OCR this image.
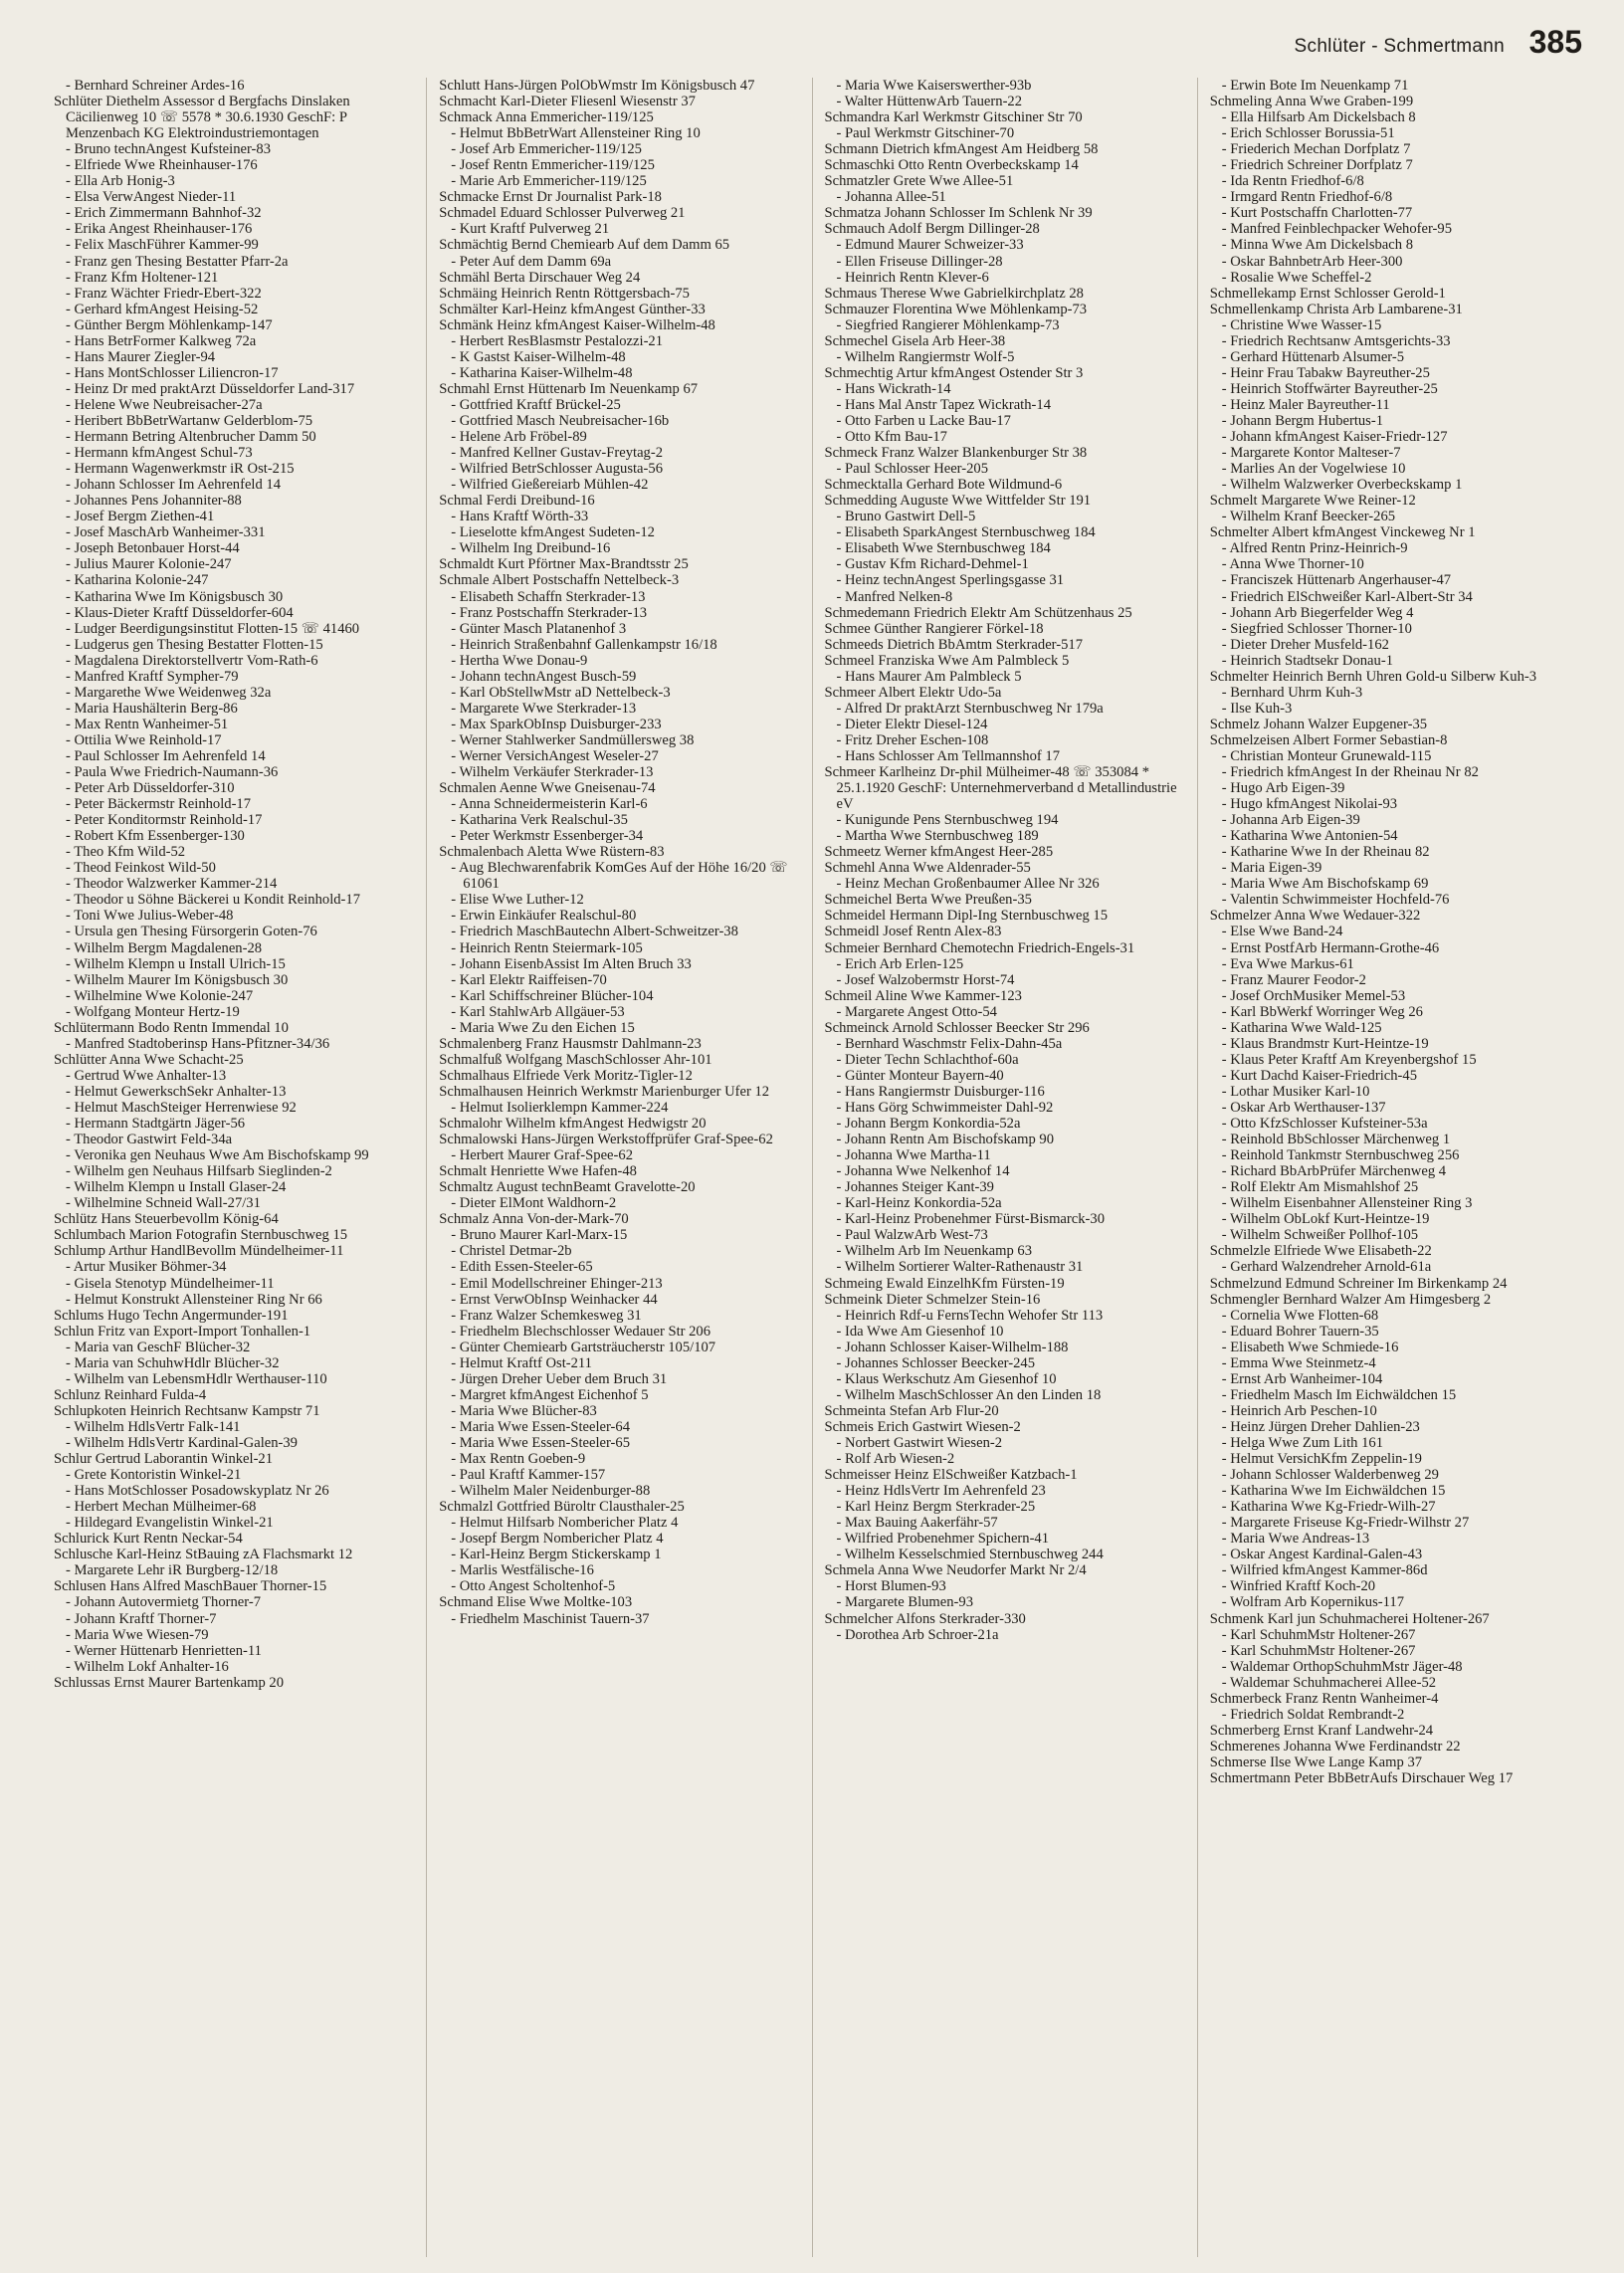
Schlüter - Schmertmann 385
- Bernhard Schreiner Ardes-16
Schlüter Diethelm Assessor d Bergfachs Dinslaken Cäcilienweg 10 ☏ 5578 * 30.6.1930 GeschF: P Menzenbach KG Elektroindustriemontagen
- Bruno technAngest Kufsteiner-83
- Elfriede Wwe Rheinhauser-176
- Ella Arb Honig-3
- Elsa VerwAngest Nieder-11
- Erich Zimmermann Bahnhof-32
- Erika Angest Rheinhauser-176
- Felix MaschFührer Kammer-99
- Franz gen Thesing Bestatter Pfarr-2a
- Franz Kfm Holtener-121
- Franz Wächter Friedr-Ebert-322
- Gerhard kfmAngest Heising-52
- Günther Bergm Möhlenkamp-147
- Hans BetrFormer Kalkweg 72a
- Hans Maurer Ziegler-94
- Hans MontSchlosser Liliencron-17
- Heinz Dr med praktArzt Düsseldorfer Land-317
- Helene Wwe Neubreisacher-27a
- Heribert BbBetrWartanw Gelderblom-75
- Hermann Betring Altenbrucher Damm 50
- Hermann kfmAngest Schul-73
- Hermann Wagenwerkmstr iR Ost-215
- Johann Schlosser Im Aehrenfeld 14
- Johannes Pens Johanniter-88
- Josef Bergm Ziethen-41
- Josef MaschArb Wanheimer-331
- Joseph Betonbauer Horst-44
- Julius Maurer Kolonie-247
- Katharina Kolonie-247
- Katharina Wwe Im Königsbusch 30
- Klaus-Dieter Kraftf Düsseldorfer-604
- Ludger Beerdigungsinstitut Flotten-15 ☏ 41460
- Ludgerus gen Thesing Bestatter Flotten-15
- Magdalena Direktorstellvertr Vom-Rath-6
- Manfred Kraftf Sympher-79
- Margarethe Wwe Weidenweg 32a
- Maria Haushälterin Berg-86
- Max Rentn Wanheimer-51
- Ottilia Wwe Reinhold-17
- Paul Schlosser Im Aehrenfeld 14
- Paula Wwe Friedrich-Naumann-36
- Peter Arb Düsseldorfer-310
- Peter Bäckermstr Reinhold-17
- Peter Konditormstr Reinhold-17
- Robert Kfm Essenberger-130
- Theo Kfm Wild-52
- Theod Feinkost Wild-50
- Theodor Walzwerker Kammer-214
- Theodor u Söhne Bäckerei u Kondit Reinhold-17
- Toni Wwe Julius-Weber-48
- Ursula gen Thesing Fürsorgerin Goten-76
- Wilhelm Bergm Magdalenen-28
- Wilhelm Klempn u Install Ulrich-15
- Wilhelm Maurer Im Königsbusch 30
- Wilhelmine Wwe Kolonie-247
- Wolfgang Monteur Hertz-19
Schlütermann Bodo Rentn Immendal 10
- Manfred Stadtoberinsp Hans-Pfitzner-34/36
Schlütter Anna Wwe Schacht-25
- Gertrud Wwe Anhalter-13
- Helmut GewerkschSekr Anhalter-13
- Helmut MaschSteiger Herrenwiese 92
- Hermann Stadtgärtn Jäger-56
- Theodor Gastwirt Feld-34a
- Veronika gen Neuhaus Wwe Am Bischofskamp 99
- Wilhelm gen Neuhaus Hilfsarb Sieglinden-2
- Wilhelm Klempn u Install Glaser-24
- Wilhelmine Schneid Wall-27/31
Schlütz Hans Steuerbevollm König-64
Schlumbach Marion Fotografin Sternbuschweg 15
Schlump Arthur HandlBevollm Mündelheimer-11
- Artur Musiker Böhmer-34
- Gisela Stenotyp Mündelheimer-11
- Helmut Konstrukt Allensteiner Ring Nr 66
Schlums Hugo Techn Angermunder-191
Schlun Fritz van Export-Import Tonhallen-1
- Maria van GeschF Blücher-32
- Maria van SchuhwHdlr Blücher-32
- Wilhelm van LebensmHdlr Werthauser-110
Schlunz Reinhard Fulda-4
Schlupkoten Heinrich Rechtsanw Kampstr 71
- Wilhelm HdlsVertr Falk-141
- Wilhelm HdlsVertr Kardinal-Galen-39
Schlur Gertrud Laborantin Winkel-21
- Grete Kontoristin Winkel-21
- Hans MotSchlosser Posadowskyplatz Nr 26
- Herbert Mechan Mülheimer-68
- Hildegard Evangelistin Winkel-21
Schlurick Kurt Rentn Neckar-54
Schlusche Karl-Heinz StBauing zA Flachsmarkt 12
- Margarete Lehr iR Burgberg-12/18
Schlusen Hans Alfred MaschBauer Thorner-15
- Johann Autovermietg Thorner-7
- Johann Kraftf Thorner-7
- Maria Wwe Wiesen-79
- Werner Hüttenarb Henrietten-11
- Wilhelm Lokf Anhalter-16
Schlussas Ernst Maurer Bartenkamp 20
Schlutt Hans-Jürgen PolObWmstr Im Königsbusch 47
Schmacht Karl-Dieter Fliesenl Wiesenstr 37
Schmack Anna Emmericher-119/125
- Helmut BbBetrWart Allensteiner Ring 10
- Josef Arb Emmericher-119/125
- Josef Rentn Emmericher-119/125
- Marie Arb Emmericher-119/125
Schmacke Ernst Dr Journalist Park-18
Schmadel Eduard Schlosser Pulverweg 21
- Kurt Kraftf Pulverweg 21
Schmächtig Bernd Chemiearb Auf dem Damm 65
- Peter Auf dem Damm 69a
Schmähl Berta Dirschauer Weg 24
Schmäing Heinrich Rentn Röttgersbach-75
Schmälter Karl-Heinz kfmAngest Günther-33
Schmänk Heinz kfmAngest Kaiser-Wilhelm-48
- Herbert ResBlasmstr Pestalozzi-21
- K Gastst Kaiser-Wilhelm-48
- Katharina Kaiser-Wilhelm-48
Schmahl Ernst Hüttenarb Im Neuenkamp 67
- Gottfried Kraftf Brückel-25
- Gottfried Masch Neubreisacher-16b
- Helene Arb Fröbel-89
- Manfred Kellner Gustav-Freytag-2
- Wilfried BetrSchlosser Augusta-56
- Wilfried Gießereiarb Mühlen-42
Schmal Ferdi Dreibund-16
- Hans Kraftf Wörth-33
- Lieselotte kfmAngest Sudeten-12
- Wilhelm Ing Dreibund-16
Schmaldt Kurt Pförtner Max-Brandtsstr 25
Schmale Albert Postschaffn Nettelbeck-3
- Elisabeth Schaffn Sterkrader-13
- Franz Postschaffn Sterkrader-13
- Günter Masch Platanenhof 3
- Heinrich Straßenbahnf Gallenkampstr 16/18
- Hertha Wwe Donau-9
- Johann technAngest Busch-59
- Karl ObStellwMstr aD Nettelbeck-3
- Margarete Wwe Sterkrader-13
- Max SparkObInsp Duisburger-233
- Werner Stahlwerker Sandmüllersweg 38
- Werner VersichAngest Weseler-27
- Wilhelm Verkäufer Sterkrader-13
Schmalen Aenne Wwe Gneisenau-74
- Anna Schneidermeisterin Karl-6
- Katharina Verk Realschul-35
- Peter Werkmstr Essenberger-34
Schmalenbach Aletta Wwe Rüstern-83
- Aug Blechwarenfabrik KomGes Auf der Höhe 16/20 ☏ 61061
- Elise Wwe Luther-12
- Erwin Einkäufer Realschul-80
- Friedrich MaschBautechn Albert-Schweitzer-38
- Heinrich Rentn Steiermark-105
- Johann EisenbAssist Im Alten Bruch 33
- Karl Elektr Raiffeisen-70
- Karl Schiffschreiner Blücher-104
- Karl StahlwArb Allgäuer-53
- Maria Wwe Zu den Eichen 15
Schmalenberg Franz Hausmstr Dahlmann-23
Schmalfuß Wolfgang MaschSchlosser Ahr-101
Schmalhaus Elfriede Verk Moritz-Tigler-12
Schmalhausen Heinrich Werkmstr Marienburger Ufer 12
- Helmut Isolierklempn Kammer-224
Schmalohr Wilhelm kfmAngest Hedwigstr 20
Schmalowski Hans-Jürgen Werkstoffprüfer Graf-Spee-62
- Herbert Maurer Graf-Spee-62
Schmalt Henriette Wwe Hafen-48
Schmaltz August technBeamt Gravelotte-20
- Dieter ElMont Waldhorn-2
Schmalz Anna Von-der-Mark-70
- Bruno Maurer Karl-Marx-15
- Christel Detmar-2b
- Edith Essen-Steeler-65
- Emil Modellschreiner Ehinger-213
- Ernst VerwObInsp Weinhacker 44
- Franz Walzer Schemkesweg 31
- Friedhelm Blechschlosser Wedauer Str 206
- Günter Chemiearb Gartsträucherstr 105/107
- Helmut Kraftf Ost-211
- Jürgen Dreher Ueber dem Bruch 31
- Margret kfmAngest Eichenhof 5
- Maria Wwe Blücher-83
- Maria Wwe Essen-Steeler-64
- Maria Wwe Essen-Steeler-65
- Max Rentn Goeben-9
- Paul Kraftf Kammer-157
- Wilhelm Maler Neidenburger-88
Schmalzl Gottfried Büroltr Clausthaler-25
- Helmut Hilfsarb Nombericher Platz 4
- Josepf Bergm Nombericher Platz 4
- Karl-Heinz Bergm Stickerskamp 1
- Marlis Westfälische-16
- Otto Angest Scholtenhof-5
Schmand Elise Wwe Moltke-103
- Friedhelm Maschinist Tauern-37
- Maria Wwe Kaiserswerther-93b
- Walter HüttenwArb Tauern-22
Schmandra Karl Werkmstr Gitschiner Str 70
- Paul Werkmstr Gitschiner-70
Schmann Dietrich kfmAngest Am Heidberg 58
Schmaschki Otto Rentn Overbeckskamp 14
Schmatzler Grete Wwe Allee-51
- Johanna Allee-51
Schmatza Johann Schlosser Im Schlenk Nr 39
Schmauch Adolf Bergm Dillinger-28
- Edmund Maurer Schweizer-33
- Ellen Friseuse Dillinger-28
- Heinrich Rentn Klever-6
Schmaus Therese Wwe Gabrielkirchplatz 28
Schmauzer Florentina Wwe Möhlenkamp-73
- Siegfried Rangierer Möhlenkamp-73
Schmechel Gisela Arb Heer-38
- Wilhelm Rangiermstr Wolf-5
Schmechtig Artur kfmAngest Ostender Str 3
- Hans Wickrath-14
- Hans Mal Anstr Tapez Wickrath-14
- Otto Farben u Lacke Bau-17
- Otto Kfm Bau-17
Schmeck Franz Walzer Blankenburger Str 38
- Paul Schlosser Heer-205
Schmecktalla Gerhard Bote Wildmund-6
Schmedding Auguste Wwe Wittfelder Str 191
- Bruno Gastwirt Dell-5
- Elisabeth SparkAngest Sternbuschweg 184
- Elisabeth Wwe Sternbuschweg 184
- Gustav Kfm Richard-Dehmel-1
- Heinz technAngest Sperlingsgasse 31
- Manfred Nelken-8
Schmedemann Friedrich Elektr Am Schützenhaus 25
Schmee Günther Rangierer Förkel-18
Schmeeds Dietrich BbAmtm Sterkrader-517
Schmeel Franziska Wwe Am Palmbleck 5
- Hans Maurer Am Palmbleck 5
Schmeer Albert Elektr Udo-5a
- Alfred Dr praktArzt Sternbuschweg Nr 179a
- Dieter Elektr Diesel-124
- Fritz Dreher Eschen-108
- Hans Schlosser Am Tellmannshof 17
Schmeer Karlheinz Dr-phil Mülheimer-48 ☏ 353084 * 25.1.1920 GeschF: Unternehmerverband d Metallindustrie eV
- Kunigunde Pens Sternbuschweg 194
- Martha Wwe Sternbuschweg 189
Schmeetz Werner kfmAngest Heer-285
Schmehl Anna Wwe Aldenrader-55
- Heinz Mechan Großenbaumer Allee Nr 326
Schmeichel Berta Wwe Preußen-35
Schmeidel Hermann Dipl-Ing Sternbuschweg 15
Schmeidl Josef Rentn Alex-83
Schmeier Bernhard Chemotechn Friedrich-Engels-31
- Erich Arb Erlen-125
- Josef Walzobermstr Horst-74
Schmeil Aline Wwe Kammer-123
- Margarete Angest Otto-54
Schmeinck Arnold Schlosser Beecker Str 296
- Bernhard Waschmstr Felix-Dahn-45a
- Dieter Techn Schlachthof-60a
- Günter Monteur Bayern-40
- Hans Rangiermstr Duisburger-116
- Hans Görg Schwimmeister Dahl-92
- Johann Bergm Konkordia-52a
- Johann Rentn Am Bischofskamp 90
- Johanna Wwe Martha-11
- Johanna Wwe Nelkenhof 14
- Johannes Steiger Kant-39
- Karl-Heinz Konkordia-52a
- Karl-Heinz Probenehmer Fürst-Bismarck-30
- Paul WalzwArb West-73
- Wilhelm Arb Im Neuenkamp 63
- Wilhelm Sortierer Walter-Rathenaustr 31
Schmeing Ewald EinzelhKfm Fürsten-19
Schmeink Dieter Schmelzer Stein-16
- Heinrich Rdf-u FernsTechn Wehofer Str 113
- Ida Wwe Am Giesenhof 10
- Johann Schlosser Kaiser-Wilhelm-188
- Johannes Schlosser Beecker-245
- Klaus Werkschutz Am Giesenhof 10
- Wilhelm MaschSchlosser An den Linden 18
Schmeinta Stefan Arb Flur-20
Schmeis Erich Gastwirt Wiesen-2
- Norbert Gastwirt Wiesen-2
- Rolf Arb Wiesen-2
Schmeisser Heinz ElSchweißer Katzbach-1
- Heinz HdlsVertr Im Aehrenfeld 23
- Karl Heinz Bergm Sterkrader-25
- Max Bauing Aakerfähr-57
- Wilfried Probenehmer Spichern-41
- Wilhelm Kesselschmied Sternbuschweg 244
Schmela Anna Wwe Neudorfer Markt Nr 2/4
- Horst Blumen-93
- Margarete Blumen-93
Schmelcher Alfons Sterkrader-330
- Dorothea Arb Schroer-21a
- Erwin Bote Im Neuenkamp 71
Schmeling Anna Wwe Graben-199
- Ella Hilfsarb Am Dickelsbach 8
- Erich Schlosser Borussia-51
- Friederich Mechan Dorfplatz 7
- Friedrich Schreiner Dorfplatz 7
- Ida Rentn Friedhof-6/8
- Irmgard Rentn Friedhof-6/8
- Kurt Postschaffn Charlotten-77
- Manfred Feinblechpacker Wehofer-95
- Minna Wwe Am Dickelsbach 8
- Oskar BahnbetrArb Heer-300
- Rosalie Wwe Scheffel-2
Schmellekamp Ernst Schlosser Gerold-1
Schmellenkamp Christa Arb Lambarene-31
- Christine Wwe Wasser-15
- Friedrich Rechtsanw Amtsgerichts-33
- Gerhard Hüttenarb Alsumer-5
- Heinr Frau Tabakw Bayreuther-25
- Heinrich Stoffwärter Bayreuther-25
- Heinz Maler Bayreuther-11
- Johann Bergm Hubertus-1
- Johann kfmAngest Kaiser-Friedr-127
- Margarete Kontor Malteser-7
- Marlies An der Vogelwiese 10
- Wilhelm Walzwerker Overbeckskamp 1
Schmelt Margarete Wwe Reiner-12
- Wilhelm Kranf Beecker-265
Schmelter Albert kfmAngest Vinckeweg Nr 1
- Alfred Rentn Prinz-Heinrich-9
- Anna Wwe Thorner-10
- Franciszek Hüttenarb Angerhauser-47
- Friedrich ElSchweißer Karl-Albert-Str 34
- Johann Arb Biegerfelder Weg 4
- Siegfried Schlosser Thorner-10
- Dieter Dreher Musfeld-162
- Heinrich Stadtsekr Donau-1
Schmelter Heinrich Bernh Uhren Gold-u Silberw Kuh-3
- Bernhard Uhrm Kuh-3
- Ilse Kuh-3
Schmelz Johann Walzer Eupgener-35
Schmelzeisen Albert Former Sebastian-8
- Christian Monteur Grunewald-115
- Friedrich kfmAngest In der Rheinau Nr 82
- Hugo Arb Eigen-39
- Hugo kfmAngest Nikolai-93
- Johanna Arb Eigen-39
- Katharina Wwe Antonien-54
- Katharine Wwe In der Rheinau 82
- Maria Eigen-39
- Maria Wwe Am Bischofskamp 69
- Valentin Schwimmeister Hochfeld-76
Schmelzer Anna Wwe Wedauer-322
- Else Wwe Band-24
- Ernst PostfArb Hermann-Grothe-46
- Eva Wwe Markus-61
- Franz Maurer Feodor-2
- Josef OrchMusiker Memel-53
- Karl BbWerkf Worringer Weg 26
- Katharina Wwe Wald-125
- Klaus Brandmstr Kurt-Heintze-19
- Klaus Peter Kraftf Am Kreyenbergshof 15
- Kurt Dachd Kaiser-Friedrich-45
- Lothar Musiker Karl-10
- Oskar Arb Werthauser-137
- Otto KfzSchlosser Kufsteiner-53a
- Reinhold BbSchlosser Märchenweg 1
- Reinhold Tankmstr Sternbuschweg 256
- Richard BbArbPrüfer Märchenweg 4
- Rolf Elektr Am Mismahlshof 25
- Wilhelm Eisenbahner Allensteiner Ring 3
- Wilhelm ObLokf Kurt-Heintze-19
- Wilhelm Schweißer Pollhof-105
Schmelzle Elfriede Wwe Elisabeth-22
- Gerhard Walzendreher Arnold-61a
Schmelzund Edmund Schreiner Im Birkenkamp 24
Schmengler Bernhard Walzer Am Himgesberg 2
- Cornelia Wwe Flotten-68
- Eduard Bohrer Tauern-35
- Elisabeth Wwe Schmiede-16
- Emma Wwe Steinmetz-4
- Ernst Arb Wanheimer-104
- Friedhelm Masch Im Eichwäldchen 15
- Heinrich Arb Peschen-10
- Heinz Jürgen Dreher Dahlien-23
- Helga Wwe Zum Lith 161
- Helmut VersichKfm Zeppelin-19
- Johann Schlosser Walderbenweg 29
- Katharina Wwe Im Eichwäldchen 15
- Katharina Wwe Kg-Friedr-Wilh-27
- Margarete Friseuse Kg-Friedr-Wilhstr 27
- Maria Wwe Andreas-13
- Oskar Angest Kardinal-Galen-43
- Wilfried kfmAngest Kammer-86d
- Winfried Kraftf Koch-20
- Wolfram Arb Kopernikus-117
Schmenk Karl jun Schuhmacherei Holtener-267
- Karl SchuhmMstr Holtener-267
- Karl SchuhmMstr Holtener-267
- Waldemar OrthopSchuhmMstr Jäger-48
- Waldemar Schuhmacherei Allee-52
Schmerbeck Franz Rentn Wanheimer-4
- Friedrich Soldat Rembrandt-2
Schmerberg Ernst Kranf Landwehr-24
Schmerenes Johanna Wwe Ferdinandstr 22
Schmerse Ilse Wwe Lange Kamp 37
Schmertmann Peter BbBetrAufs Dirschauer Weg 17
